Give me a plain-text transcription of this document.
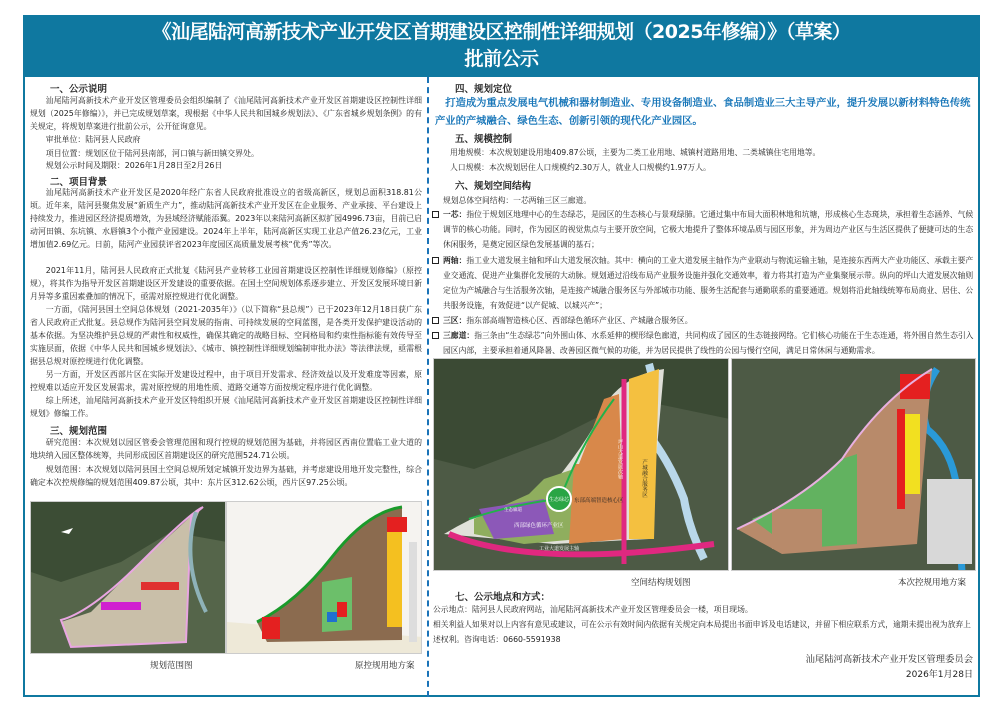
《汕尾陆河高新技术产业开发区首期建设区控制性详细规划（2025年修编）》（草案）
批前公示
一、公示说明
汕尾陆河高新技术产业开发区管理委员会组织编制了《汕尾陆河高新技术产业开发区首期建设区控制性详细规划（2025年修编）》，并已完成规划草案，现根据《中华人民共和国城乡规划法》、《广东省城乡规划条例》的有关规定，将规划草案进行批前公示，公开征询意见。
审批单位：陆河县人民政府
项目位置：规划区位于陆河县南部，河口镇与新田镇交界处。
规划公示时间及期限：2026年1月28日至2月26日
二、项目背景
汕尾陆河高新技术产业开发区是2020年经广东省人民政府批准设立的省级高新区，规划总面积318.81公顷。近年来，陆河县聚焦发展“新质生产力”，推动陆河高新技术产业开发区在企业服务、产业承接、平台建设上持续发力，推进园区经济提质增效，为县域经济赋能添翼。2023年以来陆河高新区拟扩园4996.73亩，目前已启动河田镇、东坑镇、水唇镇3个小微产业园建设。2024年上半年，陆河高新区实现工业总产值26.23亿元，工业增加值2.69亿元。日前，陆河产业园获评省2023年度园区高质量发展考核“优秀”等次。
2021年11月，陆河县人民政府正式批复《陆河县产业转移工业园首期建设区控制性详细规划修编》（原控规），将其作为指导开发区首期建设区开发建设的重要依据。在国土空间规划体系逐步建立、开发区发展环境日新月异等多重因素叠加的情况下，亟需对原控规进行优化调整。
一方面，《陆河县国土空间总体规划（2021-2035年）》（以下简称“县总规”）已于2023年12月18日获广东省人民政府正式批复。县总规作为陆河县空间发展的指南、可持续发展的空间蓝图，是各类开发保护建设活动的基本依据。为坚决维护县总规的严肃性和权威性，确保其确定的战略目标、空间格局和约束性指标能有效传导至实施层面，依据《中华人民共和国城乡规划法》、《城市、镇控制性详细规划编制审批办法》等法律法规，亟需根据县总规对原控规进行优化调整。
另一方面，开发区西部片区在实际开发建设过程中，由于项目开发需求、经济效益以及开发难度等因素，原控规难以适应开发区发展需求，需对原控规的用地性质、道路交通等方面按规定程序进行优化调整。
综上所述，汕尾陆河高新技术产业开发区特组织开展《汕尾陆河高新技术产业开发区首期建设区控制性详细规划》修编工作。
三、规划范围
研究范围：本次规划以园区管委会管理范围和现行控规的规划范围为基础，并将园区西南位置临工业大道的地块纳入园区整体统筹，共同形成园区首期建设区的研究范围524.71公顷。
规划范围：本次规划以陆河县国土空间总规所划定城镇开发边界为基础，并考虑建设用地开发完整性，综合确定本次控规修编的规划范围409.87公顷，其中：东片区312.62公顷，西片区97.25公顷。
规划范围图	原控规用地方案
四、规划定位
打造成为重点发展电气机械和器材制造业、专用设备制造业、食品制造业三大主导产业，提升发展以新材料特色传统产业的产城融合、绿色生态、创新引领的现代化产业园区。
五、规模控制
用地规模：本次规划建设用地409.87公顷，主要为二类工业用地、城镇村道路用地、二类城镇住宅用地等。
人口规模：本次规划居住人口规模约2.30万人，就业人口规模约1.97万人。
六、规划空间结构
规划总体空间结构：一芯两轴三区三廊道。
一芯：指位于规划区地理中心的生态绿芯，是园区的生态核心与景观绿肺。它通过集中布局大面积林地和坑塘，形成核心生态斑块，承担着生态涵养、气候调节的核心功能。同时，作为园区的视觉焦点与主要开放空间，它极大地提升了整体环境品质与园区形象，并为周边产业区与生活区提供了便捷可达的生态休闲服务，是奠定园区绿色发展基调的基石；
两轴：指工业大道发展主轴和坪山大道发展次轴。其中：横向的工业大道发展主轴作为产业联动与物流运输主轴，是连接东西两大产业功能区、承载主要产业交通流、促进产业集群化发展的大动脉。规划通过沿线布局产业服务设施并强化交通效率，着力将其打造为产业集聚展示带。纵向的坪山大道发展次轴则定位为产城融合与生活服务次轴，是连接产城融合服务区与外部城市功能、服务生活配套与通勤联系的重要通道。规划将沿此轴线统筹布局商业、居住、公共服务设施，有效促进“以产促城、以城兴产”；
三区：指东部高端智造核心区、西部绿色循环产业区、产城融合服务区。
三廊道：指三条由“生态绿芯”向外围山体、水系延伸的楔形绿色廊道，共同构成了园区的生态链接网络。它们核心功能在于生态连通，将外围自然生态引入园区内部，主要承担着通风降暑、改善园区微气候的功能，并为居民提供了线性的公园与慢行空间，满足日常休闲与通勤需求。
生态绿芯
西部绿色循环产业区
东部高端智造核心区
产城融合服务区
坪山大道发展次轴
工业大道发展主轴
生态廊道
空间结构规划图	本次控规用地方案
七、公示地点和方式：
公示地点：陆河县人民政府网站，汕尾陆河高新技术产业开发区管理委员会一楼，项目现场。
相关利益人如果对以上内容有意见或建议，可在公示有效时间内依据有关规定向本局提出书面申诉及电话建议，并留下相应联系方式，逾期未提出视为放弃上述权利。咨询电话：0660-5591938
汕尾陆河高新技术产业开发区管理委员会
2026年1月28日
